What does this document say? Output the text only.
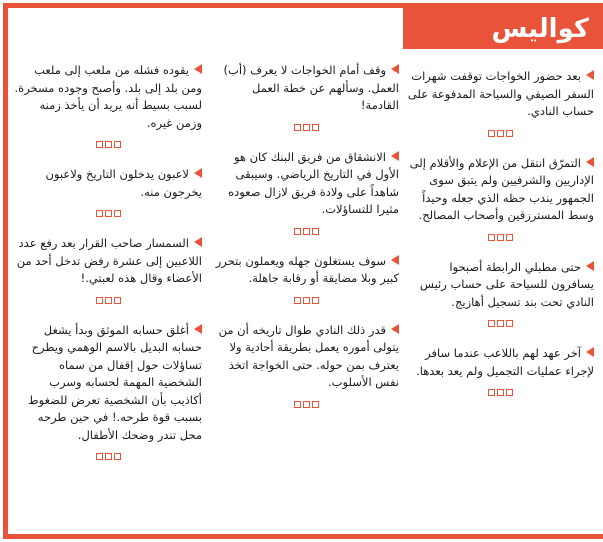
كواليس
بعد حضور الخواجات توقفت شهرات السفر الصيفي والسياحة المدفوعة على حساب النادي.
التمرّق انتقل من الإعلام والأقلام إلى الإداريين والشرفيين ولم يتبق سوى الجمهور يندب حظه الذي جعله وحيداً وسط المسترزقين وأصحاب المصالح.
حتى مطبلي الرابطة أصبحوا يسافرون للسياحة على حساب رئيس النادي تحت بند تسجيل أهازيج.
آخر عهد لهم باللاعب عندما سافر لإجراء عمليات التجميل ولم يعد بعدها.
وقف أمام الخواجات لا يعرف (أب) العمل. وسألهم عن خطة العمل القادمة!
الانشقاق من فريق البنك كان هو الأول في التاريخ الرياضي. وسيبقى شاهداً على ولادة فريق لازال صعوده مثيرا للتساؤلات.
سوف يستغلون جهله ويعملون بتحرر كبير وبلا مضايقة أو رقابة جاهلة.
قدر ذلك النادي طوال تاريخه أن من يتولى أموره يعمل بطريقة أحادية ولا يعترف بمن حوله. حتى الخواجة اتخذ نفس الأسلوب.
يقوده فشله من ملعب إلى ملعب ومن بلد إلى بلد. وأصبح وجوده مسخرة. لسبب بسيط أنه يريد أن يأخذ زمنه وزمن غيره.
لاعبون يدخلون التاريخ ولاعبون يخرجون منه.
السمسار صاحب القرار بعد رفع عدد اللاعبين إلى عشرة رفض تدخل أحد من الأعضاء وقال هذه لعبتي.!
أغلق حسابه الموثق وبدأ يشغل حسابه البديل بالاسم الوهمي ويطرح تساؤلات حول إقفال من سماه الشخصية المهمة لحسابه وسرب أكاذيب بأن الشخصية تعرض للضغوط بسبب قوة طرحه.! في حين طرحه محل تندر وضحك الأطفال.
